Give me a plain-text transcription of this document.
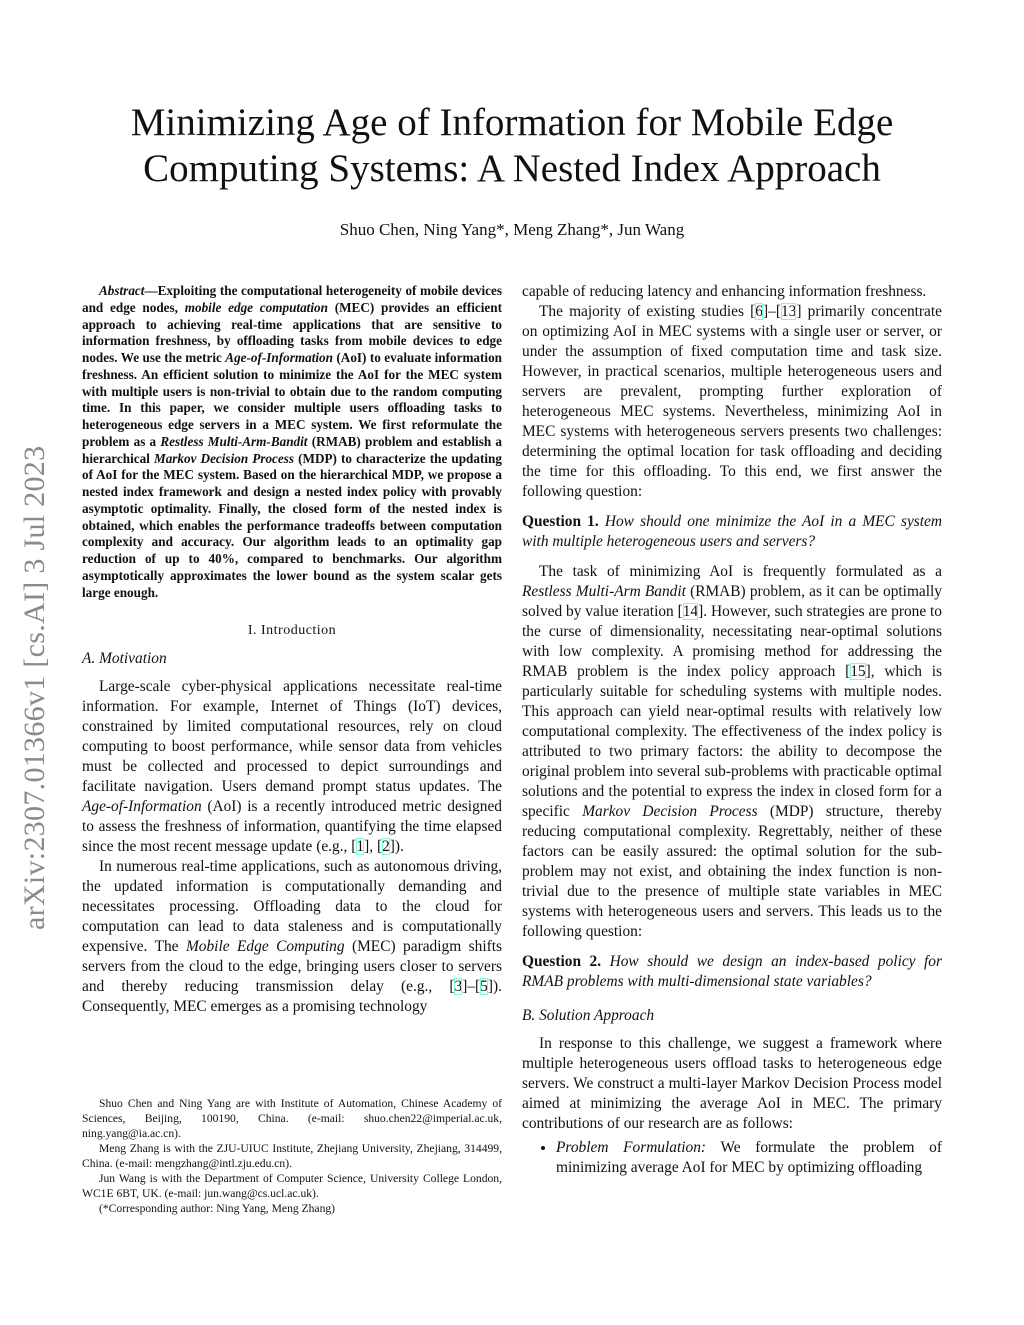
Minimizing Age of Information for Mobile Edge
Computing Systems: A Nested Index Approach
Shuo Chen, Ning Yang*, Meng Zhang*, Jun Wang
arXiv:2307.01366v1 [cs.AI] 3 Jul 2023

Abstract—Exploiting the computational heterogeneity of mobile devices and edge nodes, mobile edge computation (MEC) provides an efficient approach to achieving real-time applications that are sensitive to information freshness, by offloading tasks from mobile devices to edge nodes. We use the metric Age-of-Information (AoI) to evaluate information freshness. An efficient solution to minimize the AoI for the MEC system with multiple users is non-trivial to obtain due to the random computing time. In this paper, we consider multiple users offloading tasks to heterogeneous edge servers in a MEC system. We first reformulate the problem as a Restless Multi-Arm-Bandit (RMAB) problem and establish a hierarchical Markov Decision Process (MDP) to characterize the updating of AoI for the MEC system. Based on the hierarchical MDP, we propose a nested index framework and design a nested index policy with provably asymptotic optimality. Finally, the closed form of the nested index is obtained, which enables the performance tradeoffs between computation complexity and accuracy. Our algorithm leads to an optimality gap reduction of up to 40%, compared to benchmarks. Our algorithm asymptotically approximates the lower bound as the system scalar gets large enough.

I. Introduction
A. Motivation

Large-scale cyber-physical applications necessitate real-time information. For example, Internet of Things (IoT) devices, constrained by limited computational resources, rely on cloud computing to boost performance, while sensor data from vehicles must be collected and processed to depict surroundings and facilitate navigation. Users demand prompt status updates. The Age-of-Information (AoI) is a recently introduced metric designed to assess the freshness of information, quantifying the time elapsed since the most recent message update (e.g., [1], [2]).

In numerous real-time applications, such as autonomous driving, the updated information is computationally demanding and necessitates processing. Offloading data to the cloud for computation can lead to data staleness and is computationally expensive. The Mobile Edge Computing (MEC) paradigm shifts servers from the cloud to the edge, bringing users closer to servers and thereby reducing transmission delay (e.g., [3]–[5]). Consequently, MEC emerges as a promising technology

Shuo Chen and Ning Yang are with Institute of Automation, Chinese Academy of Sciences, Beijing, 100190, China. (e-mail: shuo.chen22@imperial.ac.uk, ning.yang@ia.ac.cn).

Meng Zhang is with the ZJU-UIUC Institute, Zhejiang University, Zhejiang, 314499, China. (e-mail: mengzhang@intl.zju.edu.cn).

Jun Wang is with the Department of Computer Science, University College London, WC1E 6BT, UK. (e-mail: jun.wang@cs.ucl.ac.uk).

(*Corresponding author: Ning Yang, Meng Zhang)

capable of reducing latency and enhancing information freshness.

The majority of existing studies [6]–[13] primarily concentrate on optimizing AoI in MEC systems with a single user or server, or under the assumption of fixed computation time and task size. However, in practical scenarios, multiple heterogeneous users and servers are prevalent, prompting further exploration of heterogeneous MEC systems. Nevertheless, minimizing AoI in MEC systems with heterogeneous servers presents two challenges: determining the optimal location for task offloading and deciding the time for this offloading. To this end, we first answer the following question:

Question 1. How should one minimize the AoI in a MEC system with multiple heterogeneous users and servers?

The task of minimizing AoI is frequently formulated as a Restless Multi-Arm Bandit (RMAB) problem, as it can be optimally solved by value iteration [14]. However, such strategies are prone to the curse of dimensionality, necessitating near-optimal solutions with low complexity. A promising method for addressing the RMAB problem is the index policy approach [15], which is particularly suitable for scheduling systems with multiple nodes. This approach can yield near-optimal results with relatively low computational complexity. The effectiveness of the index policy is attributed to two primary factors: the ability to decompose the original problem into several sub-problems with practicable optimal solutions and the potential to express the index in closed form for a specific Markov Decision Process (MDP) structure, thereby reducing computational complexity. Regrettably, neither of these factors can be easily assured: the optimal solution for the sub-problem may not exist, and obtaining the index function is non-trivial due to the presence of multiple state variables in MEC systems with heterogeneous users and servers. This leads us to the following question:

Question 2. How should we design an index-based policy for RMAB problems with multi-dimensional state variables?

B. Solution Approach

In response to this challenge, we suggest a framework where multiple heterogeneous users offload tasks to heterogeneous edge servers. We construct a multi-layer Markov Decision Process model aimed at minimizing the average AoI in MEC. The primary contributions of our research are as follows:

• Problem Formulation: We formulate the problem of minimizing average AoI for MEC by optimizing offloading
